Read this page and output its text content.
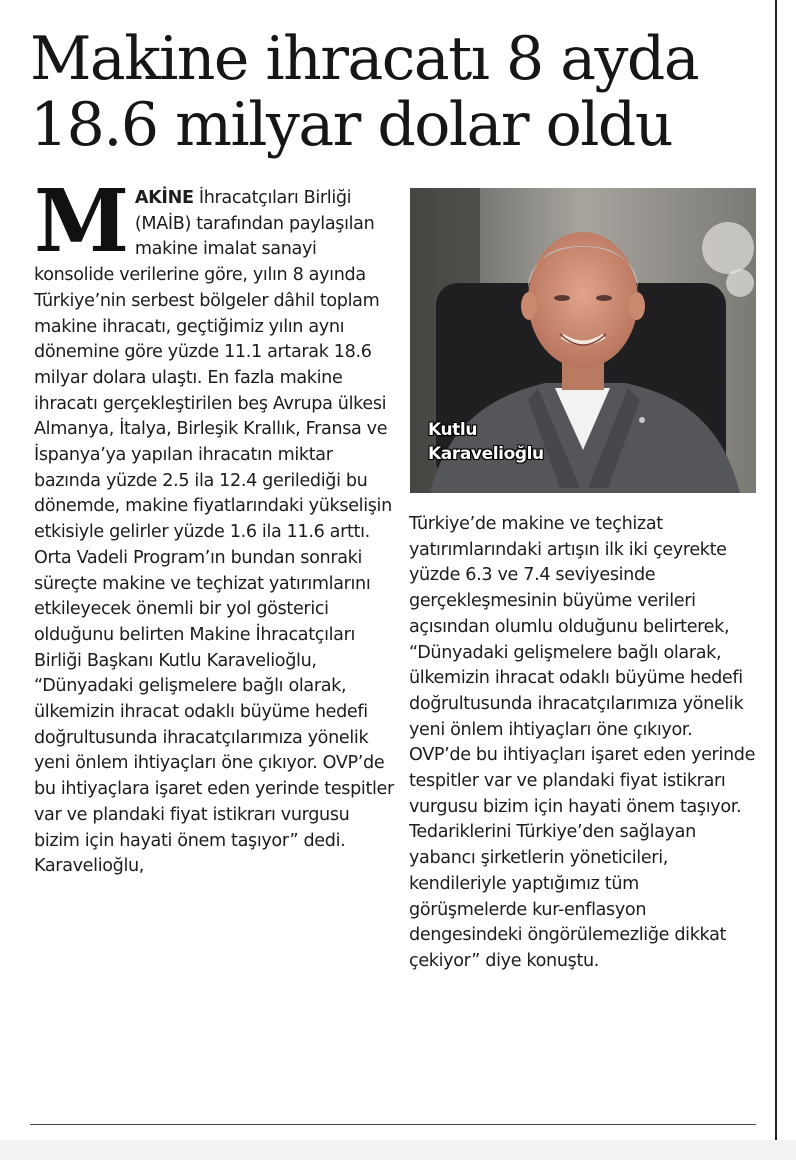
Makine ihracatı 8 ayda 18.6 milyar dolar oldu
M AKİNE İhracatçıları Birliği (MAİB) tarafından paylaşılan makine imalat sanayi konsolide verilerine göre, yılın 8 ayında Türkiye’nin serbest bölgeler dâhil toplam makine ihracatı, geçtiğimiz yılın aynı dönemine göre yüzde 11.1 artarak 18.6 milyar dolara ulaştı. En fazla makine ihracatı gerçekleştirilen beş Avrupa ülkesi Almanya, İtalya, Birleşik Krallık, Fransa ve İspanya’ya yapılan ihracatın miktar bazında yüzde 2.5 ila 12.4 gerilediği bu dönemde, makine fiyatlarındaki yükselişin etkisiyle gelirler yüzde 1.6 ila 11.6 arttı. Orta Vadeli Program’ın bundan sonraki süreçte makine ve teçhizat yatırımlarını etkileyecek önemli bir yol gösterici olduğunu belirten Makine İhracatçıları Birliği Başkanı Kutlu Karavelioğlu, “Dünyadaki gelişmelere bağlı olarak, ülkemizin ihracat odaklı büyüme hedefi doğrultusunda ihracatçılarımıza yönelik yeni önlem ihtiyaçları öne çıkıyor. OVP’de bu ihtiyaçlara işaret eden yerinde tespitler var ve plandaki fiyat istikrarı vurgusu bizim için hayati önem taşıyor” dedi. Karavelioğlu,

Kutlu
Karavelioğlu

Türkiye’de makine ve teçhizat yatırımlarındaki artışın ilk iki çeyrekte yüzde 6.3 ve 7.4 seviyesinde gerçekleşmesinin büyüme verileri açısından olumlu olduğunu belirterek, “Dünyadaki gelişmelere bağlı olarak, ülkemizin ihracat odaklı büyüme hedefi doğrultusunda ihracatçılarımıza yönelik yeni önlem ihtiyaçları öne çıkıyor. OVP’de bu ihtiyaçları işaret eden yerinde tespitler var ve plandaki fiyat istikrarı vurgusu bizim için hayati önem taşıyor. Tedariklerini Türkiye’den sağlayan yabancı şirketlerin yöneticileri, kendileriyle yaptığımız tüm görüşmelerde kur-enflasyon dengesindeki öngörülemezliğe dikkat çekiyor” diye konuştu.
